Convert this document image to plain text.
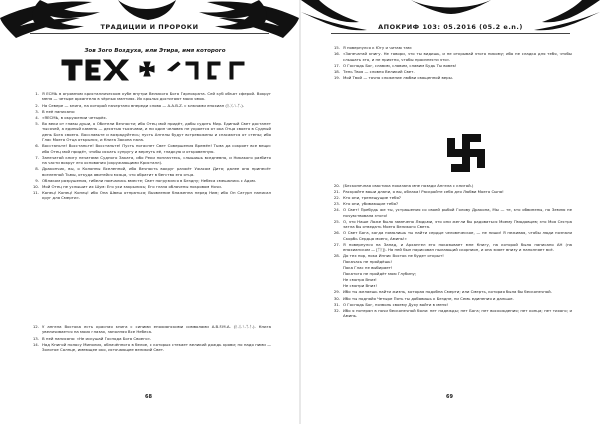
ТРАДИЦИИ И ПРОРОКИ
Зов 3ого Воздуха, или Этира, имя которого
1. Я ЕСМЬ в огромном кристаллическом кубе внутри Великого Бога Гарпократа. Сей куб объят сферой. Вокруг меня — четыре архангела в чёрных мантиях. Их крылья достигают моих ямок.
2. На Севере — книга, на которой начертано впереди слова — A.A.B.Z. с ключами енохиан (ᚱ.ᚷ.ᛊ.ᛉ.).
3. В неё написано:
4. «ЯЕСМЬ, в окружении четырёх.
5. Во веки от главы души, о Обители Вечности; ибо Отец мой придёт, дабы судить Мир. Единый Свет достанет тысячей, а единый камень — десятью тысячами, и ни один человек не укроется от ока Отца своего в Судный день Бога своего. Восславьте и возрадуйтесь; пусть Ангелы будут встревожены и спасаются от стены; ибо Глас Моего Отца открылся, и Книга Закона пала.
6. Восстаньте! Восстаньте! Восстаньте! Пусть погаснет Свет Совершения Времён! Тьма да сокроет все вещи: ибо Отец мой придёт, чтобы искать супругу и вернуть её, гладкую и откровенную.
7. Запечатай книгу печатями Судного Заката, ибо Реки поплачтесь, слышишь вседневно, и Никакого разбито на части вокруг его основания (окружающими Кристалл).
8. Дракончик, вы, о Колонны Вселенной, ибо Вечность вокруг разжёт Ужасом Дитя; далее она принесёт вселенной Тьмы, откуда явитейся мсяца, что обратит в бегство его отца.
9. Облаком разрушения, гибели помчались вместе; Свет погрузился в Бездну; Небеса смешались с Адом.
10. Мой Отец не услышит их Шум: Его ухи закрылись; Его глаза облачены покровом Ночи.
11. Конец! Конец! Конец! ибо Она Швеш отпраться; Вьявление блаженна перед Ним; ибо Он Сатурн написал круг для Смерти».
12. У ангела Востока есть красная книга с синими енохианскими символами A.B.F.M.A. (ᚱ.ᚷ.ᛊ.ᛉ.ᚨ.). Книга увеличивается на моих глазах, заполняя Все Небеса.
13. В ней написано: «Не искушай Господа Бога Своего».
14. Над Книгой полосу Минолих, облачённого в белое, с которых стекает великий дождь крови; но надо ними — Золотое Солнце, имеющее око, источающее великий Свет.
68
АПОКРИФ 103: 05.2016 (05.2 e.n.)
15. Я повернулся к Югу и читаю там:
16. «Запечатай книгу. Не говори, что ты видишь, и не открывай этого никому; ибо не сладко для тебя, чтобы слышать это, и не приятно, чтобы произнести это».
17. О Господь Бог, славим, славим, славим Будь Ты вовек!
18. Тень Твоя — словно Великий Свет.
19. Мой Твой — точно сложение любви священной веры.
20. (Бесконечная свастика показана мне позади Ангела с книгой.)
21. Раскройте ваши длани, о вы, облака! Раскройте себя для Любви Моего Сына!
22. Кто они, трепещущие тебя?
23. Кто они, убивающие тебя?
24. О Свет! Пребудь же ты, устрашения со своей рыбой Голову Дракона, Мы — те, кто обвинены, но Землю не почувствовала этого!
25. О, это Наше Ложе было замечено Людьми, это они жегли бы радоваться Моему Пмодовцев; это Моя Сестра затла бы отведать Моего Великого Света.
26. О Свет Бога, когда помолишь ты найти сердце человеческое, — не пиши! Я неживая, чтобы люди познали Скорбь Сердца моего, Аминь!»
27. Я повернулся на Запад, и Архангел его показывает мне Книгу, на которой было написано АН (на енохианском — [ᛉᚱ]). На ней был нарисован пылающий скорпион, и она зияет внизу и наполняет всё.
28. До тех пор, пока Иннис Восток не будет открыт!
Покачась не пройдёшь!
Пока Глас не выбирает!
Покатого не пройдёт мою Глубину;
Нe смотря Вниз!
Не смотри Вниз!
29. Ибо ты желаешь найти жизнь, которая подобна Смерти; или Смерть, которая была бы бесконечной.
30. Ибо ты подняйя Четыре Пять ты добавишь к Бездне, ни Семь единения и дальше.
31. О Господь Бог, позволь своему Духу войти в меня!
32. Ибо я потерян в ночи бесконечной боли: нет надежды; нет Бога; нет восхождения; нет конца; нет тихого; и Аминь.
69
